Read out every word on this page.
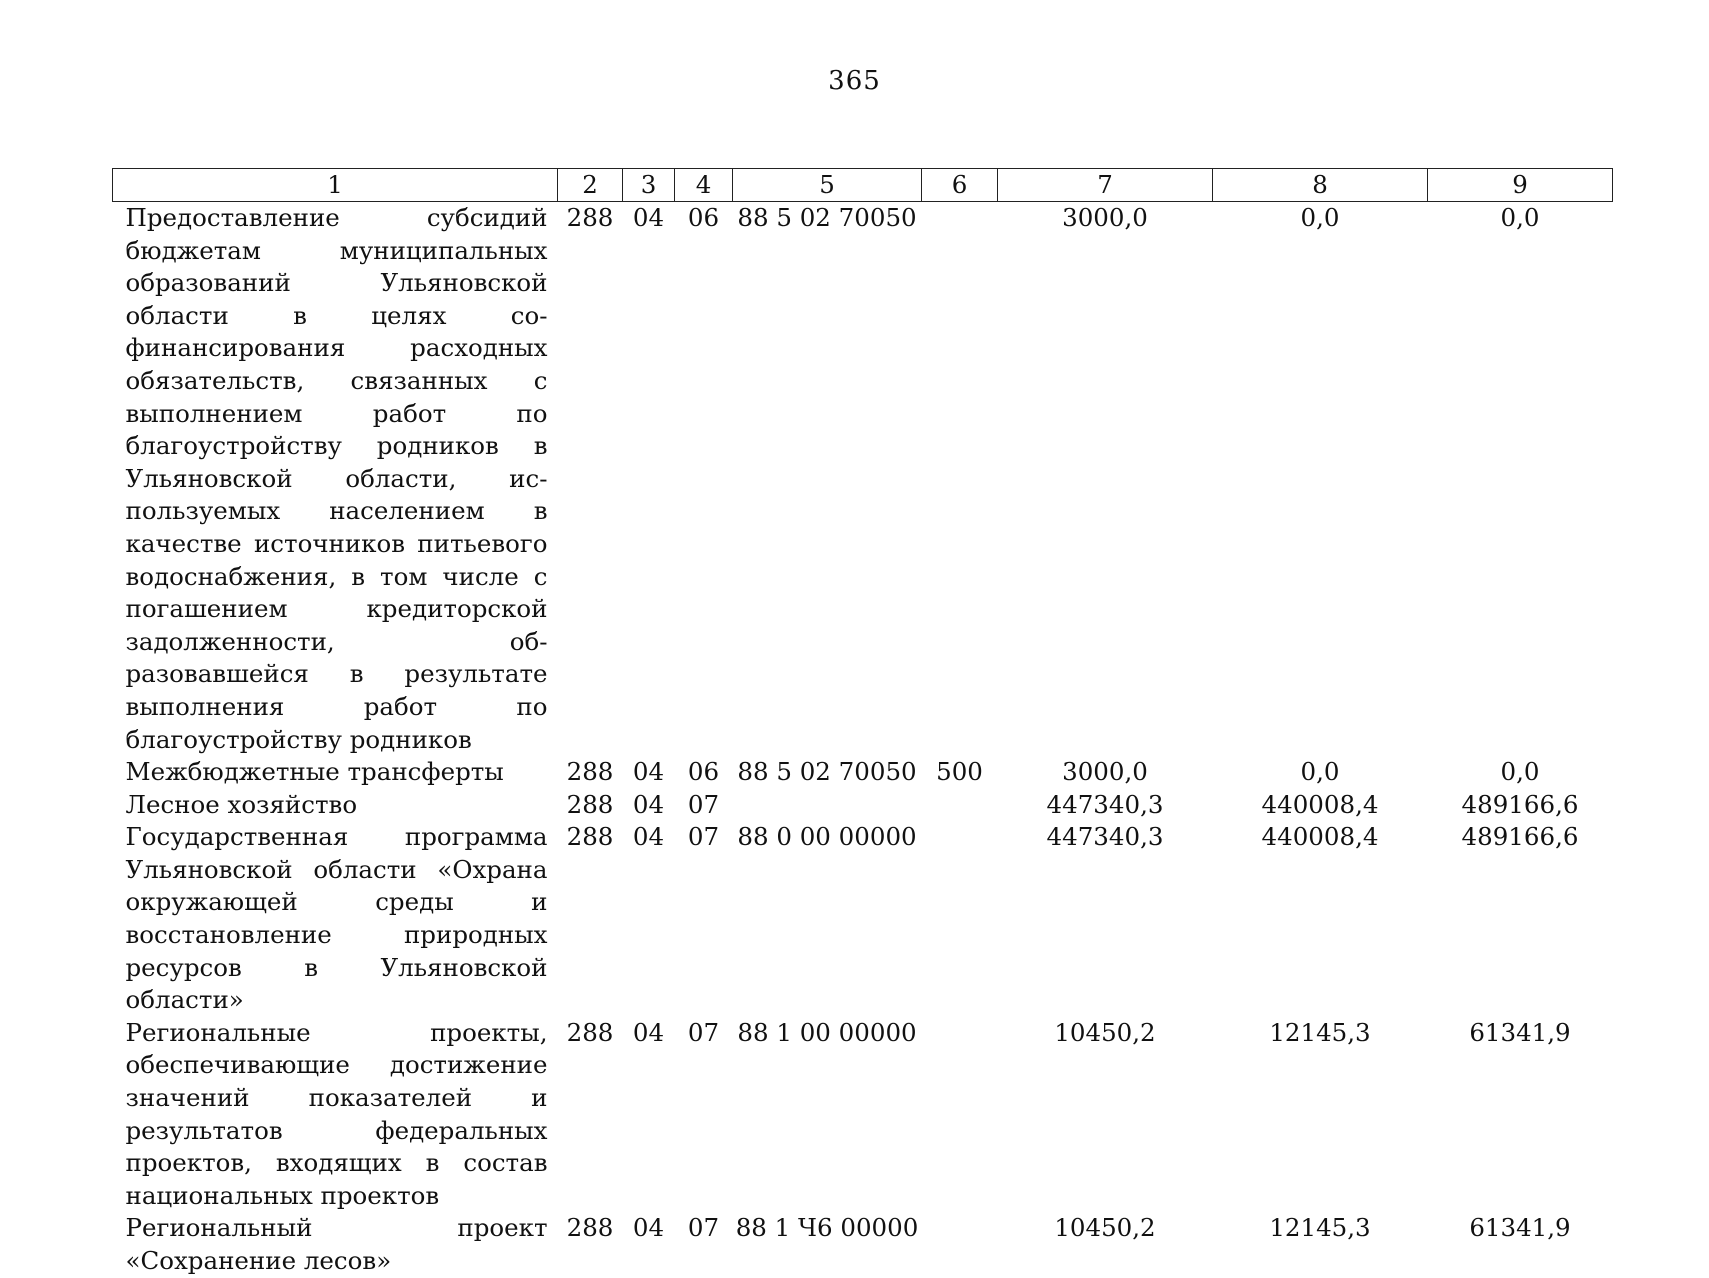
365
1	2	3	4	5	6	7	8	9
Предоставление субсидий бюджетам муниципальных образований Ульяновской области в целях софинансирования расходных обязательств, связанных с выполнением работ по благоустройству родников в Ульяновской области, используемых населением в качестве источников питьевого водоснабжения, в том числе с погашением кредиторской задолженности, образовавшейся в результате выполнения работ по благоустройству родников	288	04	06	88 5 02 70050		3000,0	0,0	0,0
Межбюджетные трансферты	288	04	06	88 5 02 70050	500	3000,0	0,0	0,0
Лесное хозяйство	288	04	07			447340,3	440008,4	489166,6
Государственная программа Ульяновской области «Охрана окружающей среды и восстановление природных ресурсов в Ульяновской области»	288	04	07	88 0 00 00000		447340,3	440008,4	489166,6
Региональные проекты, обеспечивающие достижение значений показателей и результатов федеральных проектов, входящих в состав национальных проектов	288	04	07	88 1 00 00000		10450,2	12145,3	61341,9
Региональный проект «Сохранение лесов»	288	04	07	88 1 Ч6 00000		10450,2	12145,3	61341,9
